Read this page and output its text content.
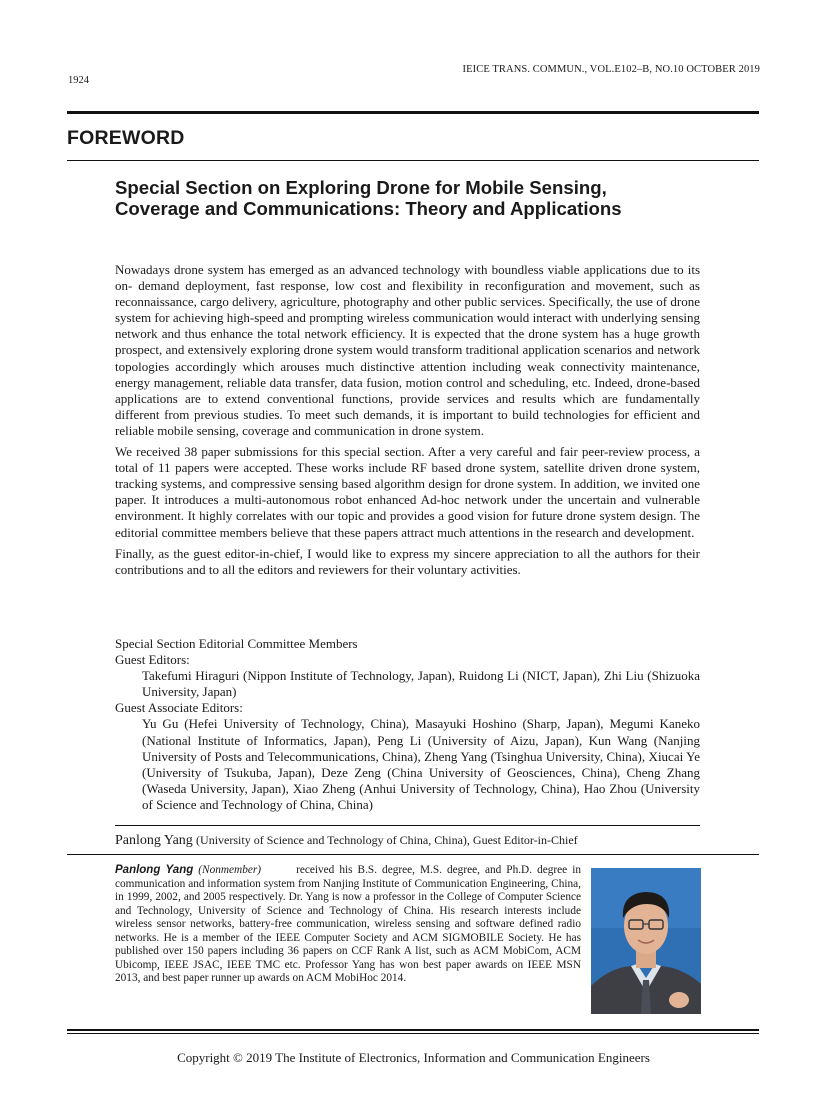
IEICE TRANS. COMMUN., VOL.E102–B, NO.10 OCTOBER 2019
1924
FOREWORD
Special Section on Exploring Drone for Mobile Sensing,
Coverage and Communications: Theory and Applications

Nowadays drone system has emerged as an advanced technology with boundless viable applications due to its on- demand deployment, fast response, low cost and flexibility in reconfiguration and movement, such as reconnaissance, cargo delivery, agriculture, photography and other public services. Specifically, the use of drone system for achieving high-speed and prompting wireless communication would interact with underlying sensing network and thus enhance the total network efficiency. It is expected that the drone system has a huge growth prospect, and extensively exploring drone system would transform traditional application scenarios and network topologies accordingly which arouses much distinctive attention including weak connectivity maintenance, energy management, reliable data transfer, data fusion, motion control and scheduling, etc. Indeed, drone-based applications are to extend conventional functions, provide services and results which are fundamentally different from previous studies. To meet such demands, it is important to build technologies for efficient and reliable mobile sensing, coverage and communication in drone system.

We received 38 paper submissions for this special section. After a very careful and fair peer-review process, a total of 11 papers were accepted. These works include RF based drone system, satellite driven drone system, tracking systems, and compressive sensing based algorithm design for drone system. In addition, we invited one paper. It introduces a multi-autonomous robot enhanced Ad-hoc network under the uncertain and vulnerable environment. It highly correlates with our topic and provides a good vision for future drone system design. The editorial committee members believe that these papers attract much attentions in the research and development.

Finally, as the guest editor-in-chief, I would like to express my sincere appreciation to all the authors for their contributions and to all the editors and reviewers for their voluntary activities.

Special Section Editorial Committee Members
Guest Editors:
Takefumi Hiraguri (Nippon Institute of Technology, Japan), Ruidong Li (NICT, Japan), Zhi Liu (Shizuoka University, Japan)
Guest Associate Editors:
Yu Gu (Hefei University of Technology, China), Masayuki Hoshino (Sharp, Japan), Megumi Kaneko (National Institute of Informatics, Japan), Peng Li (University of Aizu, Japan), Kun Wang (Nanjing University of Posts and Telecommunications, China), Zheng Yang (Tsinghua University, China), Xiucai Ye (University of Tsukuba, Japan), Deze Zeng (China University of Geosciences, China), Cheng Zhang (Waseda University, Japan), Xiao Zheng (Anhui University of Technology, China), Hao Zhou (University of Science and Technology of China, China)
Panlong Yang (University of Science and Technology of China, China), Guest Editor-in-Chief
Panlong Yang (Nonmember)	received his B.S. degree, M.S. degree, and Ph.D. degree in communication and information system from Nanjing Institute of Communication Engineering, China, in 1999, 2002, and 2005 respectively. Dr. Yang is now a professor in the College of Computer Science and Technology, University of Science and Technology of China. His research interests include wireless sensor networks, battery-free communication, wireless sensing and software defined radio networks. He is a member of the IEEE Computer Society and ACM SIGMOBILE Society. He has published over 150 papers including 36 papers on CCF Rank A list, such as ACM MobiCom, ACM Ubicomp, IEEE JSAC, IEEE TMC etc. Professor Yang has won best paper awards on IEEE MSN 2013, and best paper runner up awards on ACM MobiHoc 2014.
Copyright © 2019 The Institute of Electronics, Information and Communication Engineers
